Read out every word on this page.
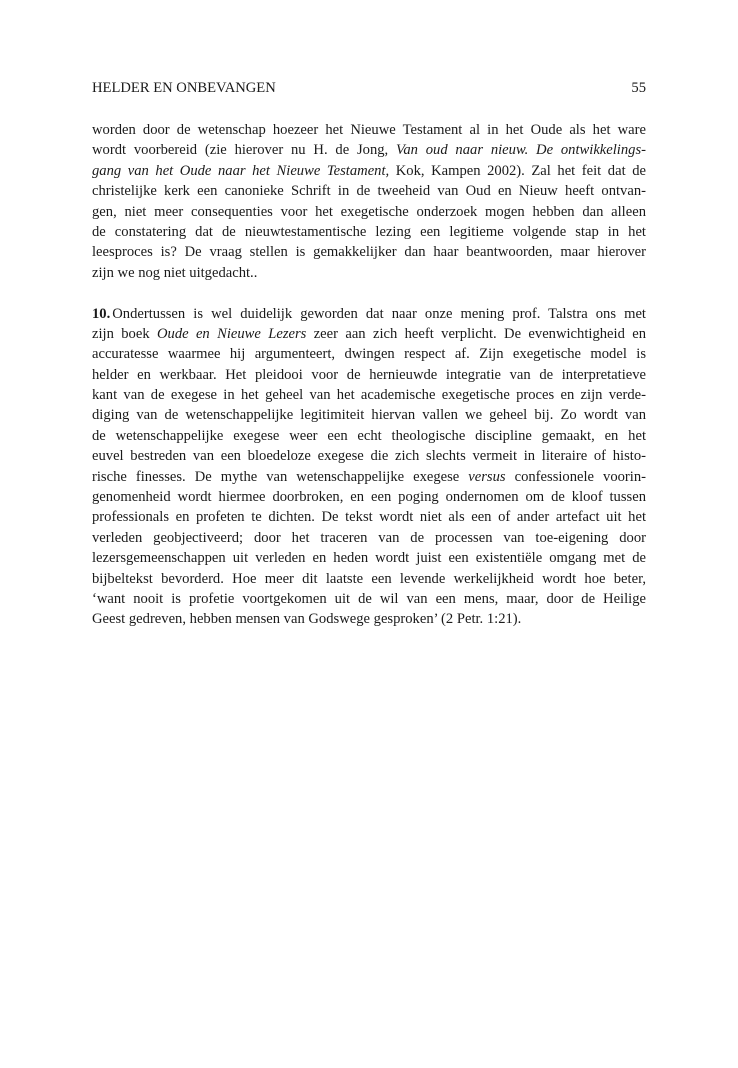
HELDER EN ONBEVANGEN	55
worden door de wetenschap hoezeer het Nieuwe Testament al in het Oude als het ware
wordt voorbereid (zie hierover nu H. de Jong, Van oud naar nieuw. De ontwikkelings-
gang van het Oude naar het Nieuwe Testament, Kok, Kampen 2002). Zal het feit dat de
christelijke kerk een canonieke Schrift in de tweeheid van Oud en Nieuw heeft ontvan-
gen, niet meer consequenties voor het exegetische onderzoek mogen hebben dan alleen
de constatering dat de nieuwtestamentische lezing een legitieme volgende stap in het
leesproces is? De vraag stellen is gemakkelijker dan haar beantwoorden, maar hierover
zijn we nog niet uitgedacht..
10. Ondertussen is wel duidelijk geworden dat naar onze mening prof. Talstra ons met
zijn boek Oude en Nieuwe Lezers zeer aan zich heeft verplicht. De evenwichtigheid en
accuratesse waarmee hij argumenteert, dwingen respect af. Zijn exegetische model is
helder en werkbaar. Het pleidooi voor de hernieuwde integratie van de interpretatieve
kant van de exegese in het geheel van het academische exegetische proces en zijn verde-
diging van de wetenschappelijke legitimiteit hiervan vallen we geheel bij. Zo wordt van
de wetenschappelijke exegese weer een echt theologische discipline gemaakt, en het
euvel bestreden van een bloedeloze exegese die zich slechts vermeit in literaire of histo-
rische finesses. De mythe van wetenschappelijke exegese versus confessionele voorin-
genomenheid wordt hiermee doorbroken, en een poging ondernomen om de kloof tussen
professionals en profeten te dichten. De tekst wordt niet als een of ander artefact uit het
verleden geobjectiveerd; door het traceren van de processen van toe-eigening door
lezersgemeenschappen uit verleden en heden wordt juist een existentiële omgang met de
bijbeltekst bevorderd. Hoe meer dit laatste een levende werkelijkheid wordt hoe beter,
‘want nooit is profetie voortgekomen uit de wil van een mens, maar, door de Heilige
Geest gedreven, hebben mensen van Godswege gesproken’ (2 Petr. 1:21).
